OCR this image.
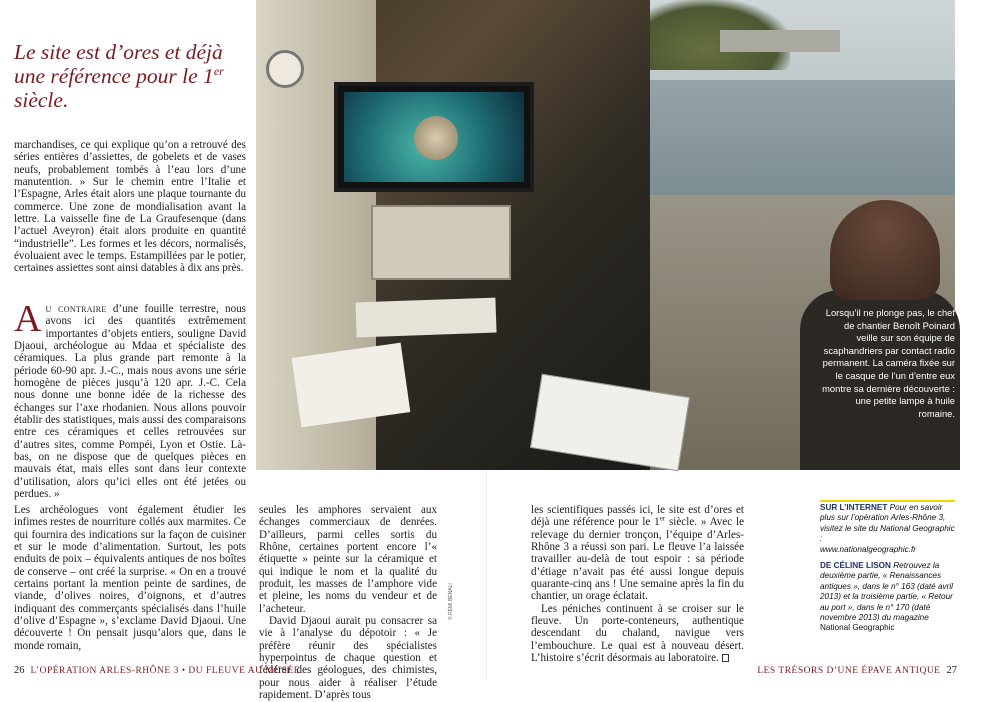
Le site est d’ores et déjà une référence pour le 1er siècle.

marchandises, ce qui explique qu’on a retrouvé des séries entières d’assiettes, de gobelets et de vases neufs, probablement tombés à l’eau lors d’une manutention. » Sur le chemin entre l’Italie et l’Espagne, Arles était alors une plaque tournante du commerce. Une zone de mondialisation avant la lettre. La vaisselle fine de La Graufesenque (dans l’actuel Aveyron) était alors produite en quantité “industrielle”. Les formes et les décors, normalisés, évoluaient avec le temps. Estampillées par le potier, certaines assiettes sont ainsi datables à dix ans près.

Au contraire d’une fouille terrestre, nous avons ici des quantités extrêmement importantes d’objets entiers, souligne David Djaoui, archéologue au Mdaa et spécialiste des céramiques. La plus grande part remonte à la période 60-90 apr. J.-C., mais nous avons une série homogène de pièces jusqu’à 120 apr. J.-C. Cela nous donne une bonne idée de la richesse des échanges sur l’axe rhodanien. Nous allons pouvoir établir des statistiques, mais aussi des comparaisons entre ces céramiques et celles retrouvées sur d’autres sites, comme Pompéi, Lyon et Ostie. Là-bas, on ne dispose que de quelques pièces en mauvais état, mais elles sont dans leur contexte d’utilisation, alors qu’ici elles ont été jetées ou perdues. »

Les archéologues vont également étudier les infimes restes de nourriture collés aux marmites. Ce qui fournira des indications sur la façon de cuisiner et sur le mode d’alimentation. Surtout, les pots enduits de poix – équivalents antiques de nos boîtes de conserve – ont créé la surprise. « On en a trouvé certains portant la mention peinte de sardines, de viande, d’olives noires, d’oignons, et d’autres indiquant des commerçants spécialisés dans l’huile d’olive d’Espagne », s’exclame David Djaoui. Une découverte ! On pensait jusqu’alors que, dans le monde romain,

seules les amphores servaient aux échanges commerciaux de denrées. D’ailleurs, parmi celles sortis du Rhône, certaines portent encore l’« étiquette » peinte sur la céramique et qui indique le nom et la qualité du produit, les masses de l’amphore vide et pleine, les noms du vendeur et de l’acheteur.

David Djaoui aurait pu consacrer sa vie à l’analyse du dépotoir : « Je préfère réunir des spécialistes hyperpointus de chaque question et fédérer des géologues, des chimistes, pour nous aider à réaliser l’étude rapidement. D’après tous

les scientifiques passés ici, le site est d’ores et déjà une référence pour le 1er siècle. » Avec le relevage du dernier tronçon, l’équipe d’Arles-Rhône 3 a réussi son pari. Le fleuve l’a laissée travailler au-delà de tout espoir : sa période d’étiage n’avait pas été aussi longue depuis quarante-cinq ans ! Une semaine après la fin du chantier, un orage éclatait.

Les péniches continuent à se croiser sur le fleuve. Un porte-conteneurs, authentique descendant du chaland, navigue vers l’embouchure. Le quai est à nouveau désert. L’histoire s’écrit désormais au laboratoire.

Lorsqu’il ne plonge pas, le chef de chantier Benoît Poinard veille sur son équipe de scaphandriers par contact radio permanent. La caméra fixée sur le casque de l’un d’entre eux montre sa dernière découverte : une petite lampe à huile romaine.
© RÉMI BÉNALI
SUR L’INTERNET Pour en savoir plus sur l’opération Arles-Rhône 3, visitez le site du National Geographic :
www.nationalgeographic.fr
DE CÉLINE LISON Retrouvez la deuxième partie, « Renaissances antiques », dans le n° 163 (daté avril 2013) et la troisième partie, « Retour au port », dans le n° 170 (daté novembre 2013) du magazine National Geographic
26 L’OPÉRATION ARLES-RHÔNE 3 • DU FLEUVE AU MUSÉE	LES TRÉSORS D’UNE ÉPAVE ANTIQUE 27
